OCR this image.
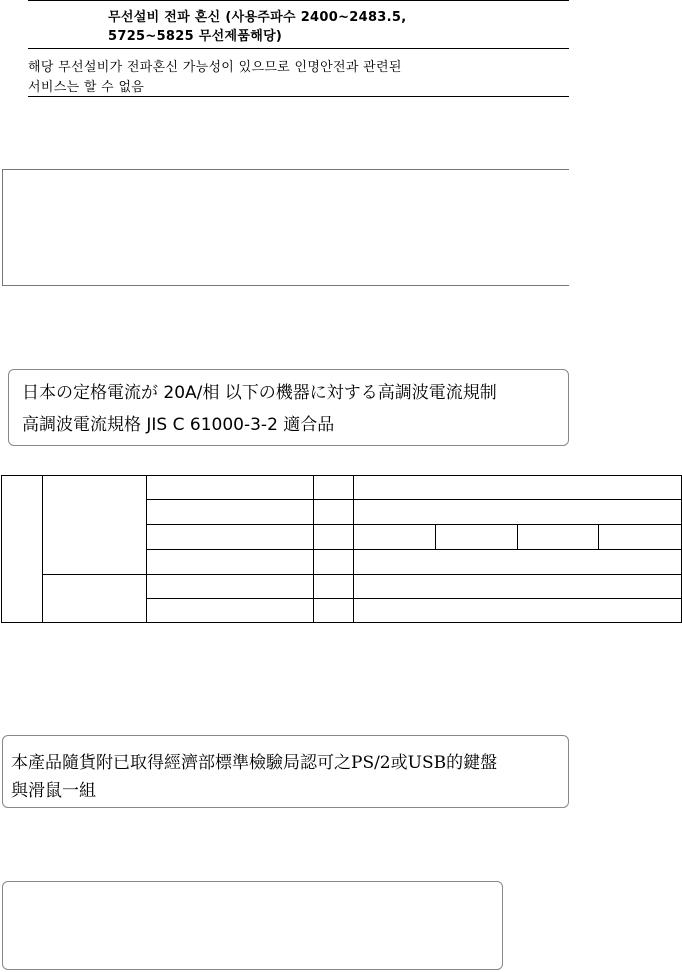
무선설비 전파 혼신 (사용주파수 2400~2483.5,
5725~5825 무선제품해당)
해당 무선설비가 전파혼신 가능성이 있으므로 인명안전과 관련된
서비스는 할 수 없음
日本の定格電流が 20A/相 以下の機器に対する高調波電流規制
高調波電流規格 JIS C 61000-3-2 適合品
本產品隨貨附已取得經濟部標準檢驗局認可之PS/2或USB的鍵盤
與滑鼠一組
